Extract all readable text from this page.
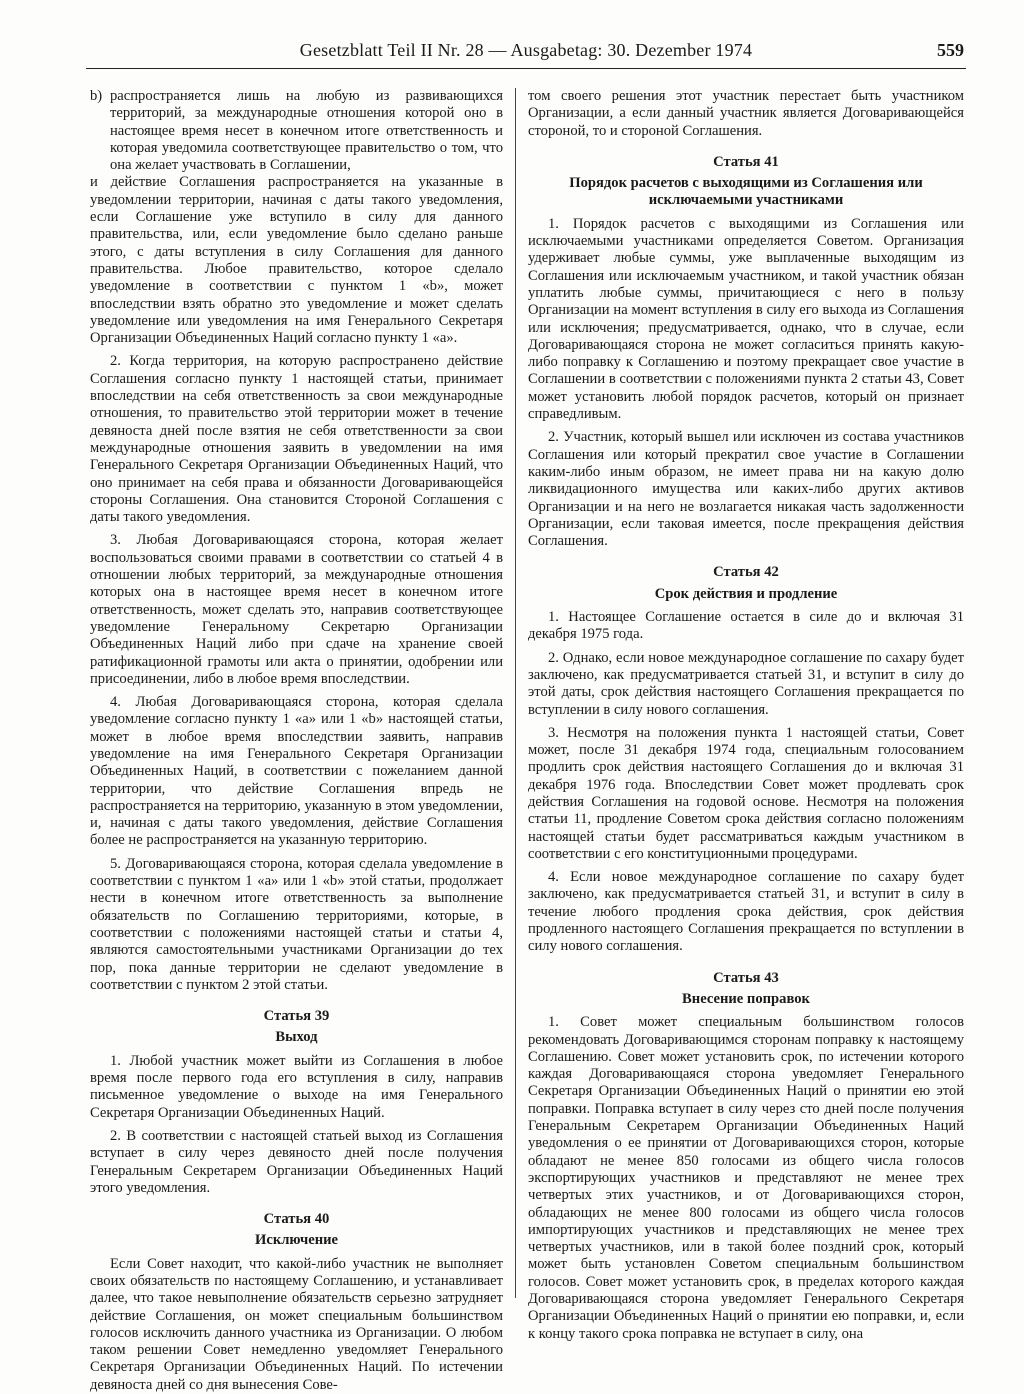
Gesetzblatt Teil II Nr. 28 — Ausgabetag: 30. Dezember 1974	559
b) распространяется лишь на любую из развивающихся территорий, за международные отношения которой оно в настоящее время несет в конечном итоге ответственность и которая уведомила соответствующее правительство о том, что она желает участвовать в Соглашении,

и действие Соглашения распространяется на указанные в уведомлении территории, начиная с даты такого уведомления, если Соглашение уже вступило в силу для данного правительства, или, если уведомление было сделано раньше этого, с даты вступления в силу Соглашения для данного правительства. Любое правительство, которое сделало уведомление в соответствии с пунктом 1 «b», может впоследствии взять обратно это уведомление и может сделать уведомление или уведомления на имя Генерального Секретаря Организации Объединенных Наций согласно пункту 1 «а».

2. Когда территория, на которую распространено действие Соглашения согласно пункту 1 настоящей статьи, принимает впоследствии на себя ответственность за свои международные отношения, то правительство этой территории может в течение девяноста дней после взятия не себя ответственности за свои международные отношения заявить в уведомлении на имя Генерального Секретаря Организации Объединенных Наций, что оно принимает на себя права и обязанности Договаривающейся стороны Соглашения. Она становится Стороной Соглашения с даты такого уведомления.

3. Любая Договаривающаяся сторона, которая желает воспользоваться своими правами в соответствии со статьей 4 в отношении любых территорий, за международные отношения которых она в настоящее время несет в конечном итоге ответственность, может сделать это, направив соответствующее уведомление Генеральному Секретарю Организации Объединенных Наций либо при сдаче на хранение своей ратификационной грамоты или акта о принятии, одобрении или присоединении, либо в любое время впоследствии.

4. Любая Договаривающаяся сторона, которая сделала уведомление согласно пункту 1 «а» или 1 «b» настоящей статьи, может в любое время впоследствии заявить, направив уведомление на имя Генерального Секретаря Организации Объединенных Наций, в соответствии с пожеланием данной территории, что действие Соглашения впредь не распространяется на территорию, указанную в этом уведомлении, и, начиная с даты такого уведомления, действие Соглашения более не распространяется на указанную территорию.

5. Договаривающаяся сторона, которая сделала уведомление в соответствии с пунктом 1 «а» или 1 «b» этой статьи, продолжает нести в конечном итоге ответственность за выполнение обязательств по Соглашению территориями, которые, в соответствии с положениями настоящей статьи и статьи 4, являются самостоятельными участниками Организации до тех пор, пока данные территории не сделают уведомление в соответствии с пунктом 2 этой статьи.

Статья 39
Выход

1. Любой участник может выйти из Соглашения в любое время после первого года его вступления в силу, направив письменное уведомление о выходе на имя Генерального Секретаря Организации Объединенных Наций.

2. В соответствии с настоящей статьей выход из Соглашения вступает в силу через девяносто дней после получения Генеральным Секретарем Организации Объединенных Наций этого уведомления.

Статья 40
Исключение

Если Совет находит, что какой-либо участник не выполняет своих обязательств по настоящему Соглашению, и устанавливает далее, что такое невыполнение обязательств серьезно затрудняет действие Соглашения, он может специальным большинством голосов исключить данного участника из Организации. О любом таком решении Совет немедленно уведомляет Генерального Секретаря Организации Объединенных Наций. По истечении девяноста дней со дня вынесения Сове-

том своего решения этот участник перестает быть участником Организации, а если данный участник является Договаривающейся стороной, то и стороной Соглашения.

Статья 41
Порядок расчетов с выходящими из Соглашения или исключаемыми участниками

1. Порядок расчетов с выходящими из Соглашения или исключаемыми участниками определяется Советом. Организация удерживает любые суммы, уже выплаченные выходящим из Соглашения или исключаемым участником, и такой участник обязан уплатить любые суммы, причитающиеся с него в пользу Организации на момент вступления в силу его выхода из Соглашения или исключения; предусматривается, однако, что в случае, если Договаривающаяся сторона не может согласиться принять какую-либо поправку к Соглашению и поэтому прекращает свое участие в Соглашении в соответствии с положениями пункта 2 статьи 43, Совет может установить любой порядок расчетов, который он признает справедливым.

2. Участник, который вышел или исключен из состава участников Соглашения или который прекратил свое участие в Соглашении каким-либо иным образом, не имеет права ни на какую долю ликвидационного имущества или каких-либо других активов Организации и на него не возлагается никакая часть задолженности Организации, если таковая имеется, после прекращения действия Соглашения.

Статья 42
Срок действия и продление

1. Настоящее Соглашение остается в силе до и включая 31 декабря 1975 года.

2. Однако, если новое международное соглашение по сахару будет заключено, как предусматривается статьей 31, и вступит в силу до этой даты, срок действия настоящего Соглашения прекращается по вступлении в силу нового соглашения.

3. Несмотря на положения пункта 1 настоящей статьи, Совет может, после 31 декабря 1974 года, специальным голосованием продлить срок действия настоящего Соглашения до и включая 31 декабря 1976 года. Впоследствии Совет может продлевать срок действия Соглашения на годовой основе. Несмотря на положения статьи 11, продление Советом срока действия согласно положениям настоящей статьи будет рассматриваться каждым участником в соответствии с его конституционными процедурами.

4. Если новое международное соглашение по сахару будет заключено, как предусматривается статьей 31, и вступит в силу в течение любого продления срока действия, срок действия продленного настоящего Соглашения прекращается по вступлении в силу нового соглашения.

Статья 43
Внесение поправок

1. Совет может специальным большинством голосов рекомендовать Договаривающимся сторонам поправку к настоящему Соглашению. Совет может установить срок, по истечении которого каждая Договаривающаяся сторона уведомляет Генерального Секретаря Организации Объединенных Наций о принятии ею этой поправки. Поправка вступает в силу через сто дней после получения Генеральным Секретарем Организации Объединенных Наций уведомления о ее принятии от Договаривающихся сторон, которые обладают не менее 850 голосами из общего числа голосов экспортирующих участников и представляют не менее трех четвертых этих участников, и от Договаривающихся сторон, обладающих не менее 800 голосами из общего числа голосов импортирующих участников и представляющих не менее трех четвертых участников, или в такой более поздний срок, который может быть установлен Советом специальным большинством голосов. Совет может установить срок, в пределах которого каждая Договаривающаяся сторона уведомляет Генерального Секретаря Организации Объединенных Наций о принятии ею поправки, и, если к концу такого срока поправка не вступает в силу, она
